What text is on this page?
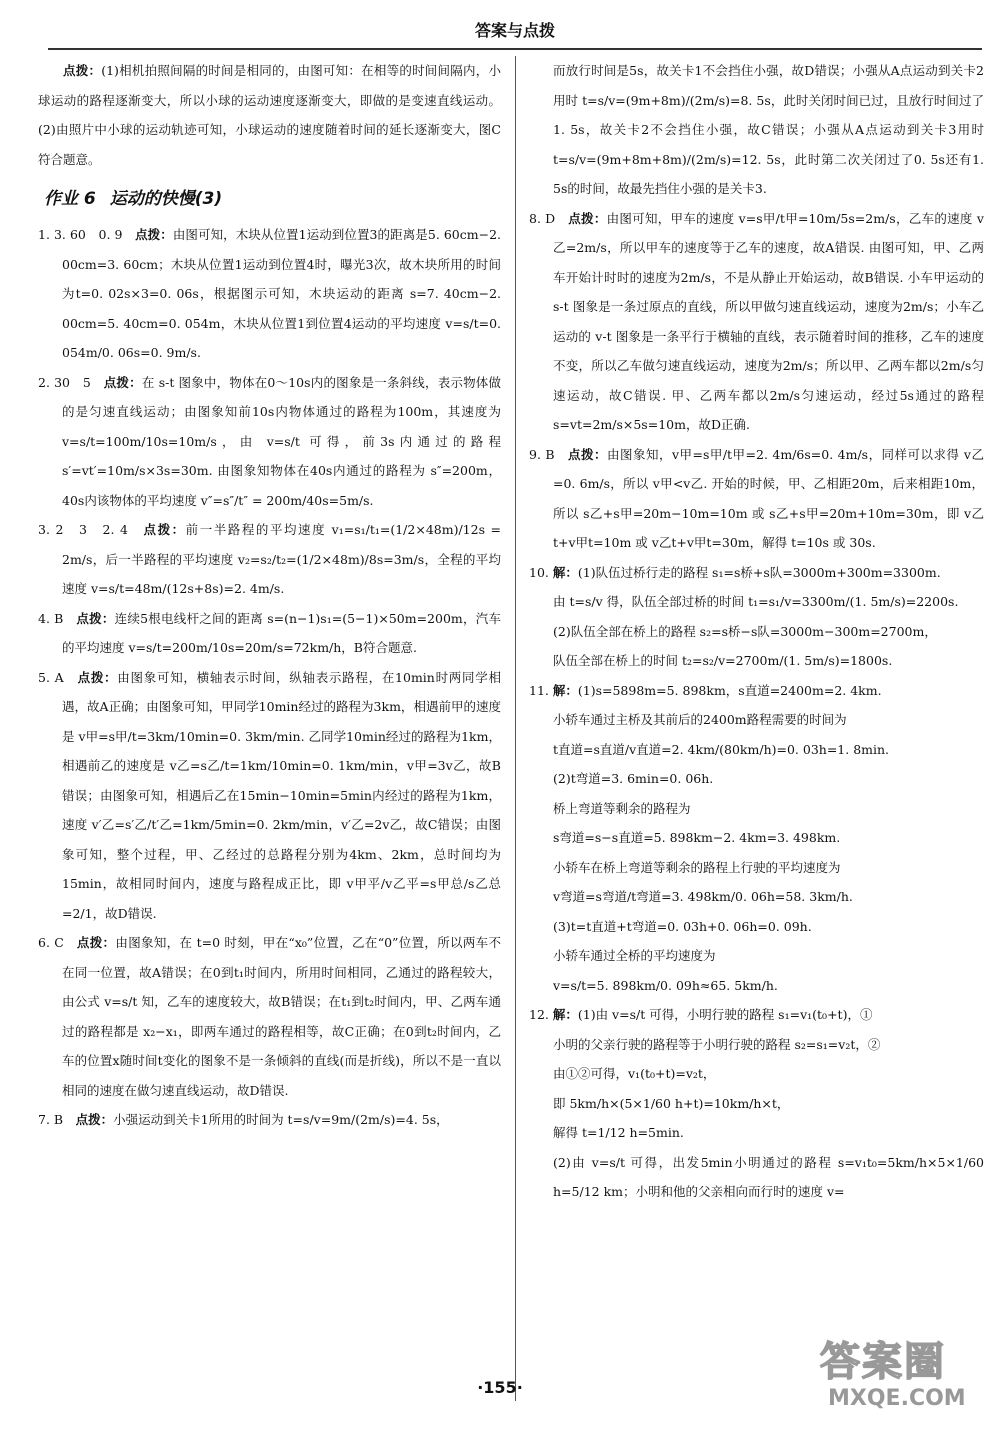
答案与点拨

点拨：(1)相机拍照间隔的时间是相同的，由图可知：在相等的时间间隔内，小球运动的路程逐渐变大，所以小球的运动速度逐渐变大，即做的是变速直线运动。(2)由照片中小球的运动轨迹可知，小球运动的速度随着时间的延长逐渐变大，图C符合题意。

作业 6 运动的快慢(3)

1. 3. 60　0. 9　点拨：由图可知，木块从位置1运动到位置3的距离是5. 60cm−2. 00cm=3. 60cm；木块从位置1运动到位置4时，曝光3次，故木块所用的时间为t=0. 02s×3=0. 06s，根据图示可知，木块运动的距离 s=7. 40cm−2. 00cm=5. 40cm=0. 054m，木块从位置1到位置4运动的平均速度 v=s/t=0. 054m/0. 06s=0. 9m/s.

2. 30　5　点拨：在 s-t 图象中，物体在0～10s内的图象是一条斜线，表示物体做的是匀速直线运动；由图象知前10s内物体通过的路程为100m，其速度为 v=s/t=100m/10s=10m/s，由 v=s/t 可得，前3s内通过的路程 s′=vt′=10m/s×3s=30m. 由图象知物体在40s内通过的路程为 s″=200m，40s内该物体的平均速度 v″=s″/t″ = 200m/40s=5m/s.

3. 2　3　2. 4　点拨：前一半路程的平均速度 v₁=s₁/t₁=(1/2×48m)/12s = 2m/s，后一半路程的平均速度 v₂=s₂/t₂=(1/2×48m)/8s=3m/s，全程的平均速度 v=s/t=48m/(12s+8s)=2. 4m/s.

4. B　点拨：连续5根电线杆之间的距离 s=(n−1)s₁=(5−1)×50m=200m，汽车的平均速度 v=s/t=200m/10s=20m/s=72km/h，B符合题意.

5. A　点拨：由图象可知，横轴表示时间，纵轴表示路程，在10min时两同学相遇，故A正确；由图象可知，甲同学10min经过的路程为3km，相遇前甲的速度是 v甲=s甲/t=3km/10min=0. 3km/min. 乙同学10min经过的路程为1km，相遇前乙的速度是 v乙=s乙/t=1km/10min=0. 1km/min，v甲=3v乙，故B错误；由图象可知，相遇后乙在15min−10min=5min内经过的路程为1km，速度 v′乙=s′乙/t′乙=1km/5min=0. 2km/min，v′乙=2v乙，故C错误；由图象可知，整个过程，甲、乙经过的总路程分别为4km、2km，总时间均为15min，故相同时间内，速度与路程成正比，即 v甲平/v乙平=s甲总/s乙总=2/1，故D错误.

6. C　点拨：由图象知，在 t=0 时刻，甲在“x₀”位置，乙在“0”位置，所以两车不在同一位置，故A错误；在0到t₁时间内，所用时间相同，乙通过的路程较大，由公式 v=s/t 知，乙车的速度较大，故B错误；在t₁到t₂时间内，甲、乙两车通过的路程都是 x₂−x₁，即两车通过的路程相等，故C正确；在0到t₂时间内，乙车的位置x随时间t变化的图象不是一条倾斜的直线(而是折线)，所以不是一直以相同的速度在做匀速直线运动，故D错误.

7. B　点拨：小强运动到关卡1所用的时间为 t=s/v=9m/(2m/s)=4. 5s，

而放行时间是5s，故关卡1不会挡住小强，故D错误；小强从A点运动到关卡2用时 t=s/v=(9m+8m)/(2m/s)=8. 5s，此时关闭时间已过，且放行时间过了1. 5s，故关卡2不会挡住小强，故C错误；小强从A点运动到关卡3用时 t=s/v=(9m+8m+8m)/(2m/s)=12. 5s，此时第二次关闭过了0. 5s还有1. 5s的时间，故最先挡住小强的是关卡3.

8. D　点拨：由图可知，甲车的速度 v=s甲/t甲=10m/5s=2m/s，乙车的速度 v乙=2m/s，所以甲车的速度等于乙车的速度，故A错误. 由图可知，甲、乙两车开始计时时的速度为2m/s，不是从静止开始运动，故B错误. 小车甲运动的 s-t 图象是一条过原点的直线，所以甲做匀速直线运动，速度为2m/s；小车乙运动的 v-t 图象是一条平行于横轴的直线，表示随着时间的推移，乙车的速度不变，所以乙车做匀速直线运动，速度为2m/s；所以甲、乙两车都以2m/s匀速运动，故C错误. 甲、乙两车都以2m/s匀速运动，经过5s通过的路程 s=vt=2m/s×5s=10m，故D正确.

9. B　点拨：由图象知，v甲=s甲/t甲=2. 4m/6s=0. 4m/s，同样可以求得 v乙=0. 6m/s，所以 v甲<v乙. 开始的时候，甲、乙相距20m，后来相距10m，所以 s乙+s甲=20m−10m=10m 或 s乙+s甲=20m+10m=30m，即 v乙t+v甲t=10m 或 v乙t+v甲t=30m，解得 t=10s 或 30s.

10. 解：(1)队伍过桥行走的路程 s₁=s桥+s队=3000m+300m=3300m.

由 t=s/v 得，队伍全部过桥的时间 t₁=s₁/v=3300m/(1. 5m/s)=2200s.

(2)队伍全部在桥上的路程 s₂=s桥−s队=3000m−300m=2700m，

队伍全部在桥上的时间 t₂=s₂/v=2700m/(1. 5m/s)=1800s.

11. 解：(1)s=5898m=5. 898km，s直道=2400m=2. 4km.

小轿车通过主桥及其前后的2400m路程需要的时间为

t直道=s直道/v直道=2. 4km/(80km/h)=0. 03h=1. 8min.

(2)t弯道=3. 6min=0. 06h.

桥上弯道等剩余的路程为

s弯道=s−s直道=5. 898km−2. 4km=3. 498km.

小轿车在桥上弯道等剩余的路程上行驶的平均速度为

v弯道=s弯道/t弯道=3. 498km/0. 06h=58. 3km/h.

(3)t=t直道+t弯道=0. 03h+0. 06h=0. 09h.

小轿车通过全桥的平均速度为

v=s/t=5. 898km/0. 09h≈65. 5km/h.

12. 解：(1)由 v=s/t 可得，小明行驶的路程 s₁=v₁(t₀+t)，①

小明的父亲行驶的路程等于小明行驶的路程 s₂=s₁=v₂t，②

由①②可得，v₁(t₀+t)=v₂t，

即 5km/h×(5×1/60 h+t)=10km/h×t，

解得 t=1/12 h=5min.

(2)由 v=s/t 可得，出发5min小明通过的路程 s=v₁t₀=5km/h×5×1/60 h=5/12 km；小明和他的父亲相向而行时的速度 v=

·155·
答案圈
MXQE.COM
